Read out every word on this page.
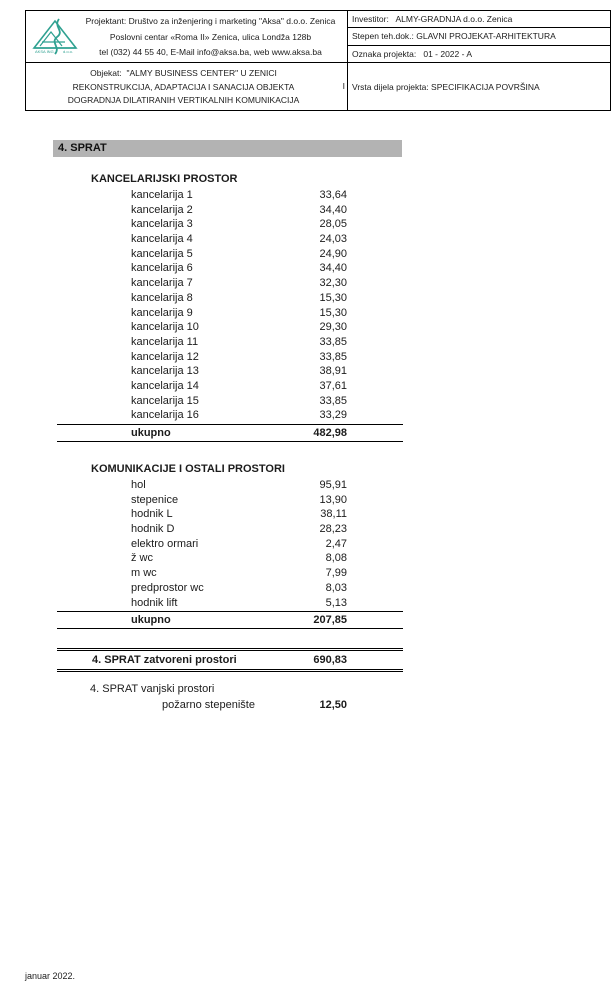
AKSA ING d.o.o.
Projektant: Društvo za inženjering i marketing "Aksa" d.o.o. Zenica
Poslovni centar «Roma II» Zenica, ulica Londža 128b
tel (032) 44 55 40, E-Mail info@aksa.ba, web www.aksa.ba
Investitor:   ALMY-GRADNJA d.o.o. Zenica
Stepen teh.dok.: GLAVNI PROJEKAT-ARHITEKTURA
Oznaka projekta:   01 - 2022 - A
Objekat:  "ALMY BUSINESS CENTER" U ZENICI
REKONSTRUKCIJA, ADAPTACIJA I SANACIJA OBJEKTA
DOGRADNJA DILATIRANIH VERTIKALNIH KOMUNIKACIJA
I Vrsta dijela projekta: SPECIFIKACIJA POVRŠINA
4. SPRAT
KANCELARIJSKI PROSTOR
kancelarija 1	33,64
kancelarija 2	34,40
kancelarija 3	28,05
kancelarija 4	24,03
kancelarija 5	24,90
kancelarija 6	34,40
kancelarija 7	32,30
kancelarija 8	15,30
kancelarija 9	15,30
kancelarija 10	29,30
kancelarija 11	33,85
kancelarija 12	33,85
kancelarija 13	38,91
kancelarija 14	37,61
kancelarija 15	33,85
kancelarija 16	33,29
ukupno	482,98
KOMUNIKACIJE I OSTALI PROSTORI
hol	95,91
stepenice	13,90
hodnik L	38,11
hodnik D	28,23
elektro ormari	2,47
ž wc	8,08
m wc	7,99
predprostor wc	8,03
hodnik lift	5,13
ukupno	207,85
4. SPRAT zatvoreni prostori	690,83
4. SPRAT vanjski prostori
požarno stepenište	12,50
januar 2022.
